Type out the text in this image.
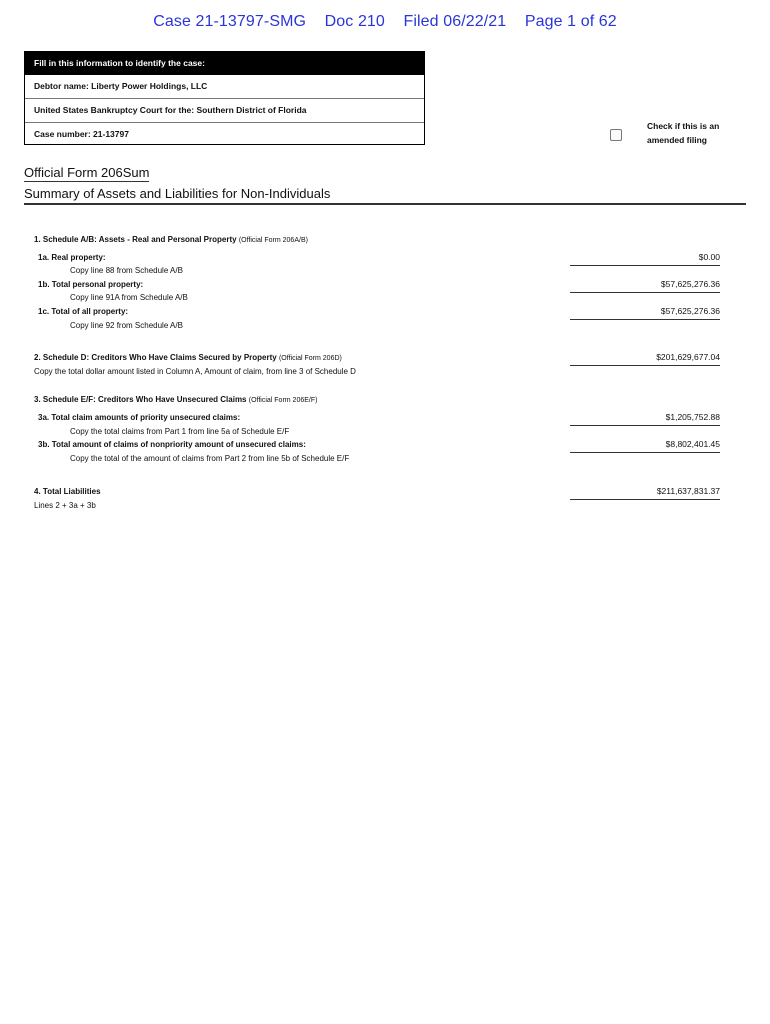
Case 21-13797-SMG Doc 210 Filed 06/22/21 Page 1 of 62
Fill in this information to identify the case:
Debtor name: Liberty Power Holdings, LLC
United States Bankruptcy Court for the: Southern District of Florida
Case number: 21-13797
Check if this is an
amended filing
Official Form 206Sum
Summary of Assets and Liabilities for Non-Individuals
1. Schedule A/B: Assets - Real and Personal Property (Official Form 206A/B)
1a. Real property:
Copy line 88 from Schedule A/B
$0.00
1b. Total personal property:
Copy line 91A from Schedule A/B
$57,625,276.36
1c. Total of all property:
Copy line 92 from Schedule A/B
$57,625,276.36
2. Schedule D: Creditors Who Have Claims Secured by Property (Official Form 206D)
Copy the total dollar amount listed in Column A, Amount of claim, from line 3 of Schedule D
$201,629,677.04
3. Schedule E/F: Creditors Who Have Unsecured Claims (Official Form 206E/F)
3a. Total claim amounts of priority unsecured claims:
Copy the total claims from Part 1 from line 5a of Schedule E/F
$1,205,752.88
3b. Total amount of claims of nonpriority amount of unsecured claims:
Copy the total of the amount of claims from Part 2 from line 5b of Schedule E/F
$8,802,401.45
4. Total Liabilities
Lines 2 + 3a + 3b
$211,637,831.37
